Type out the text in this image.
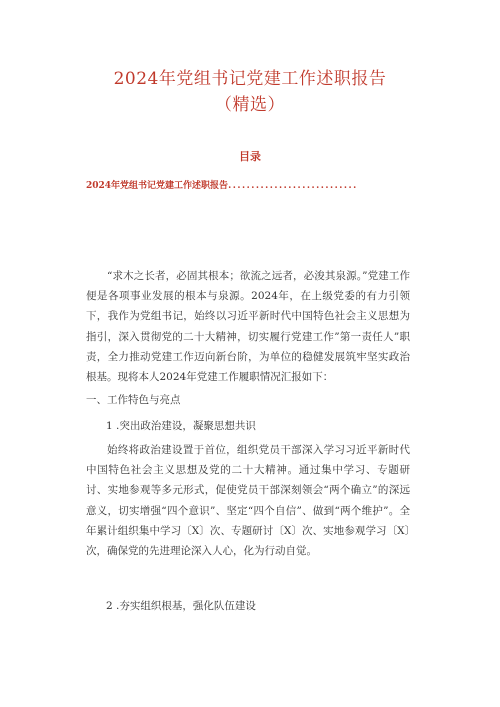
2024年党组书记党建工作述职报告
（精选）
目录
2024年党组书记党建工作述职报告............................

“求木之长者，必固其根本；欲流之远者，必浚其泉源。”党建工作便是各项事业发展的根本与泉源。2024年，在上级党委的有力引领下，我作为党组书记，始终以习近平新时代中国特色社会主义思想为指引，深入贯彻党的二十大精神，切实履行党建工作”第一责任人”职责，全力推动党建工作迈向新台阶，为单位的稳健发展筑牢坚实政治根基。现将本人2024年党建工作履职情况汇报如下：

一、工作特色与亮点
1 .突出政治建设，凝聚思想共识

始终将政治建设置于首位，组织党员干部深入学习习近平新时代中国特色社会主义思想及党的二十大精神。通过集中学习、专题研讨、实地参观等多元形式，促使党员干部深刻领会“两个确立”的深远意义，切实增强“四个意识”、坚定“四个自信”、做到“两个维护”。全年累计组织集中学习〔X〕次、专题研讨〔X〕次、实地参观学习〔X〕次，确保党的先进理论深入人心，化为行动自觉。

2 .夯实组织根基，强化队伍建设
